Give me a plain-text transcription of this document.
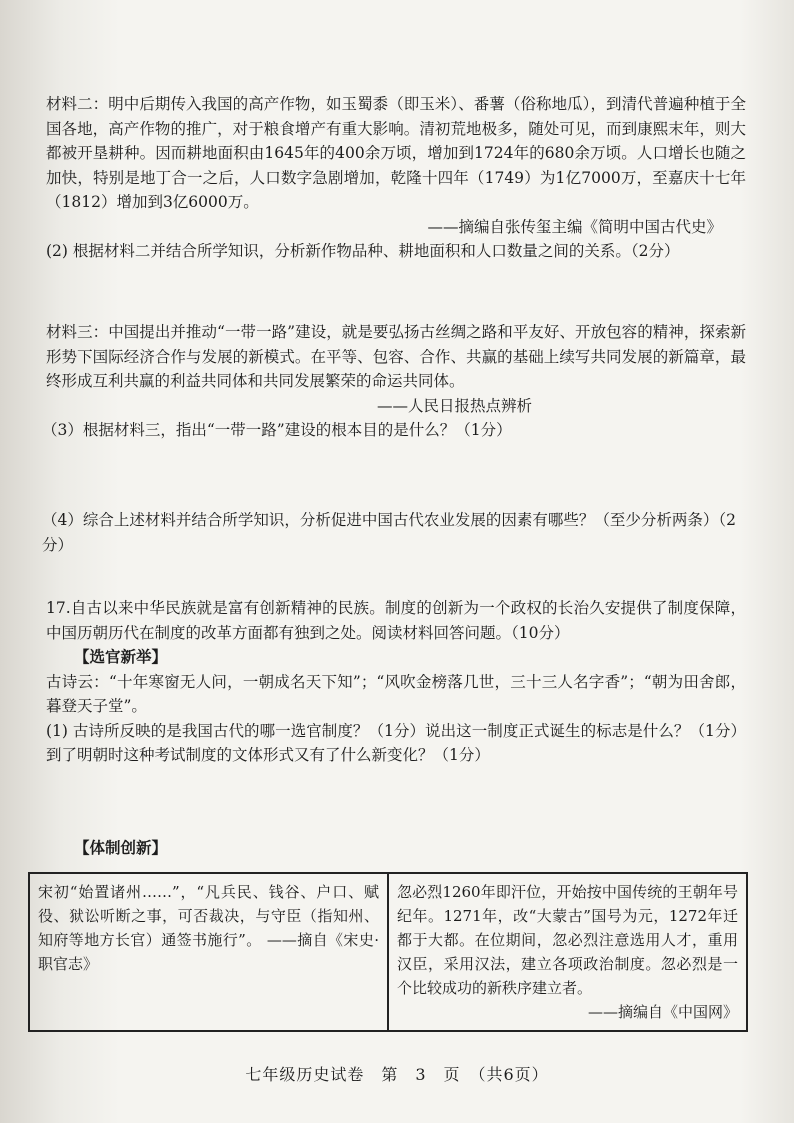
材料二：明中后期传入我国的高产作物，如玉蜀黍（即玉米）、番薯（俗称地瓜），到清代普遍种植于全国各地，高产作物的推广，对于粮食增产有重大影响。清初荒地极多，随处可见，而到康熙末年，则大都被开垦耕种。因而耕地面积由1645年的400余万顷，增加到1724年的680余万顷。人口增长也随之加快，特别是地丁合一之后，人口数字急剧增加，乾隆十四年（1749）为1亿7000万，至嘉庆十七年（1812）增加到3亿6000万。

——摘编自张传玺主编《简明中国古代史》

(2) 根据材料二并结合所学知识，分析新作物品种、耕地面积和人口数量之间的关系。（2分）

材料三：中国提出并推动“一带一路”建设，就是要弘扬古丝绸之路和平友好、开放包容的精神，探索新形势下国际经济合作与发展的新模式。在平等、包容、合作、共赢的基础上续写共同发展的新篇章，最终形成互利共赢的利益共同体和共同发展繁荣的命运共同体。

——人民日报热点辨析

（3）根据材料三，指出“一带一路”建设的根本目的是什么？（1分）

（4）综合上述材料并结合所学知识，分析促进中国古代农业发展的因素有哪些？（至少分析两条）（2分）

17.自古以来中华民族就是富有创新精神的民族。制度的创新为一个政权的长治久安提供了制度保障，中国历朝历代在制度的改革方面都有独到之处。阅读材料回答问题。（10分）

【选官新举】

古诗云：“十年寒窗无人问，一朝成名天下知”；“风吹金榜落几世，三十三人名字香”；“朝为田舍郎，暮登天子堂”。

(1) 古诗所反映的是我国古代的哪一选官制度？（1分）说出这一制度正式诞生的标志是什么？（1分）到了明朝时这种考试制度的文体形式又有了什么新变化？（1分）

【体制创新】

宋初“始置诸州……”，“凡兵民、钱谷、户口、赋役、狱讼听断之事，可否裁决，与守臣（指知州、知府等地方长官）通签书施行”。 ——摘自《宋史·职官志》	忽必烈1260年即汗位，开始按中国传统的王朝年号纪年。1271年，改“大蒙古”国号为元，1272年迁都于大都。在位期间，忽必烈注意选用人才，重用汉臣，采用汉法，建立各项政治制度。忽必烈是一个比较成功的新秩序建立者。
——摘编自《中国网》
七年级历史试卷　第　3　页　（共6页）
